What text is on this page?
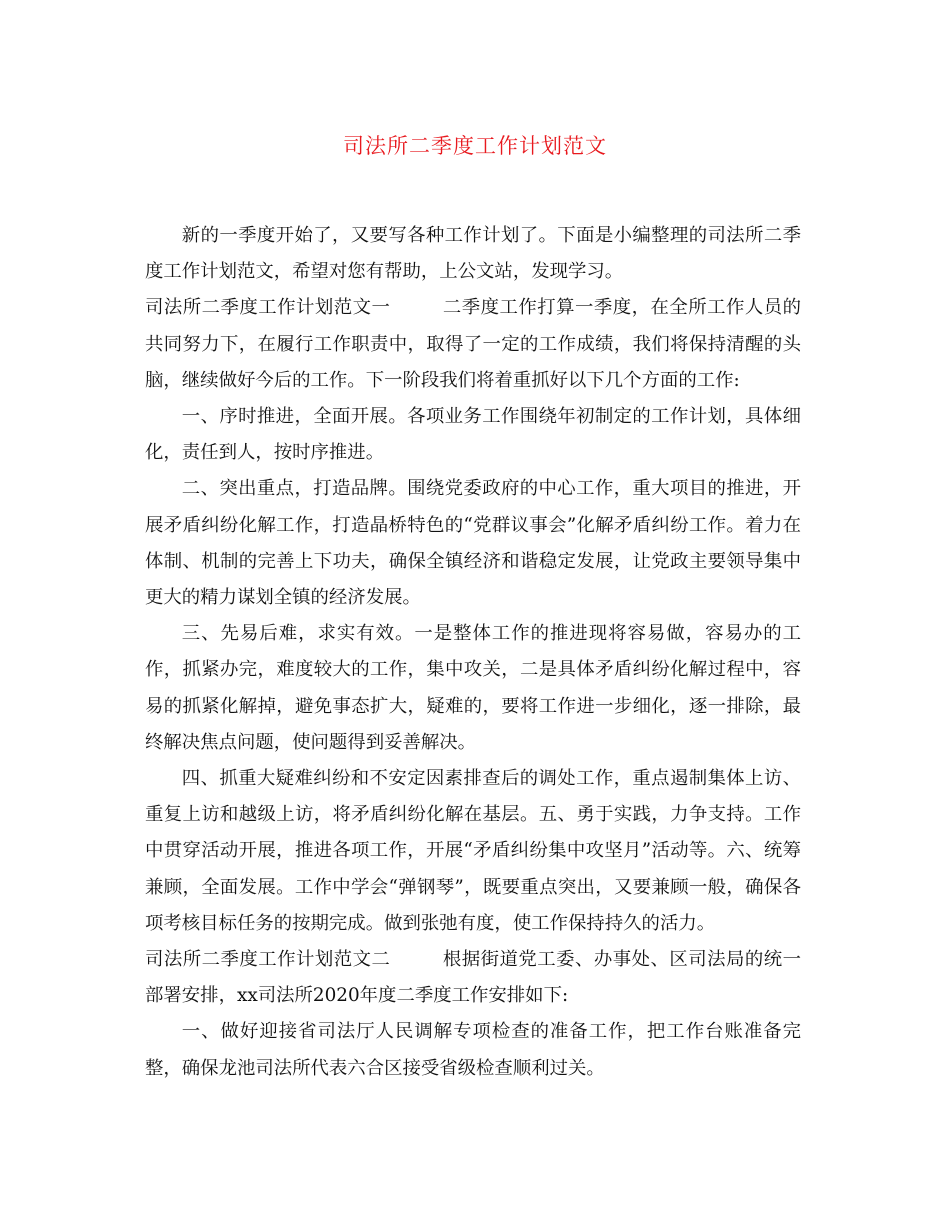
司法所二季度工作计划范文

新的一季度开始了，又要写各种工作计划了。下面是小编整理的司法所二季度工作计划范文，希望对您有帮助，上公文站，发现学习。

司法所二季度工作计划范文一	二季度工作打算一季度，在全所工作人员的共同努力下，在履行工作职责中，取得了一定的工作成绩，我们将保持清醒的头脑，继续做好今后的工作。下一阶段我们将着重抓好以下几个方面的工作:

一、序时推进，全面开展。各项业务工作围绕年初制定的工作计划，具体细化，责任到人，按时序推进。

二、突出重点，打造品牌。围绕党委政府的中心工作，重大项目的推进，开展矛盾纠纷化解工作，打造晶桥特色的“党群议事会”化解矛盾纠纷工作。着力在体制、机制的完善上下功夫，确保全镇经济和谐稳定发展，让党政主要领导集中更大的精力谋划全镇的经济发展。

三、先易后难，求实有效。一是整体工作的推进现将容易做，容易办的工作，抓紧办完，难度较大的工作，集中攻关，二是具体矛盾纠纷化解过程中，容易的抓紧化解掉，避免事态扩大，疑难的，要将工作进一步细化，逐一排除，最终解决焦点问题，使问题得到妥善解决。

四、抓重大疑难纠纷和不安定因素排查后的调处工作，重点遏制集体上访、重复上访和越级上访，将矛盾纠纷化解在基层。五、勇于实践，力争支持。工作中贯穿活动开展，推进各项工作，开展“矛盾纠纷集中攻坚月”活动等。六、统筹兼顾，全面发展。工作中学会“弹钢琴”，既要重点突出，又要兼顾一般，确保各项考核目标任务的按期完成。做到张弛有度，使工作保持持久的活力。

司法所二季度工作计划范文二	根据街道党工委、办事处、区司法局的统一部署安排，xx司法所2020年度二季度工作安排如下:

一、做好迎接省司法厅人民调解专项检查的准备工作，把工作台账准备完整，确保龙池司法所代表六合区接受省级检查顺利过关。
